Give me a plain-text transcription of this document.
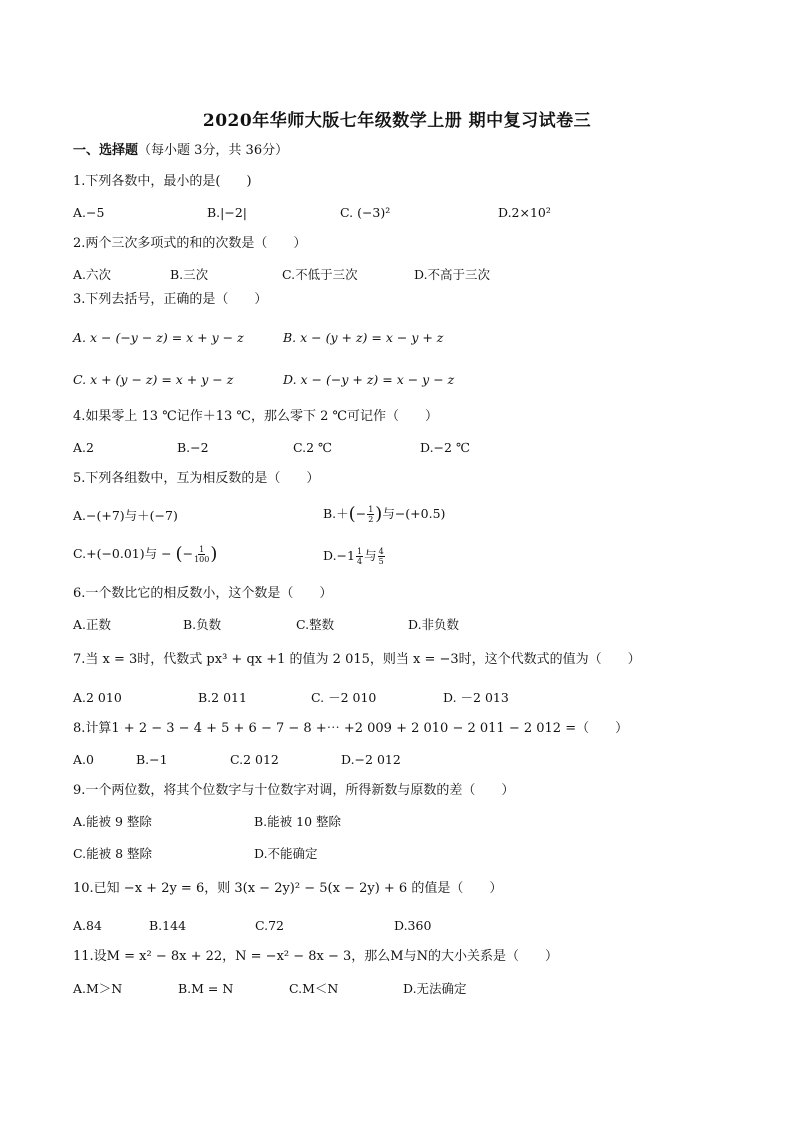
2020年华师大版七年级数学上册 期中复习试卷三
一、选择题（每小题 3分，共 36分）
1.下列各数中，最小的是(　　)
A.−5	B.|−2|	C. (−3)²	D.2×10²
2.两个三次多项式的和的次数是（　　）
A.六次	B.三次	C.不低于三次	D.不高于三次
3.下列去括号，正确的是（　　）
A. x − (−y − z) = x + y − z	B. x − (y + z) = x − y + z
C. x + (y − z) = x + y − z	D. x − (−y + z) = x − y − z
4.如果零上 13 ℃记作＋13 ℃，那么零下 2 ℃可记作（　　）
A.2	B.−2	C.2 ℃	D.−2 ℃
5.下列各组数中，互为相反数的是（　　）
A.−(+7)与＋(−7)	$B.+(- \frac{1}{2}$ )与−(+0.5)
C.+(−0.01)与 − (− $\frac{1}{100}$ )	$D.-1 \frac{1}{4}$ 与 $\frac{4}{5}$
6.一个数比它的相反数小，这个数是（　　）
A.正数	B.负数	C.整数	D.非负数
7.当 x = 3时，代数式 px³ + qx +1 的值为 2 015，则当 x = −3时，这个代数式的值为（　　）
A.2 010	B.2 011	C. －2 010	D. －2 013
8.计算1 + 2 − 3 − 4 + 5 + 6 − 7 − 8 +⋯ +2 009 + 2 010 − 2 011 − 2 012 =（　　）
A.0	B.−1	C.2 012	D.−2 012
9.一个两位数，将其个位数字与十位数字对调，所得新数与原数的差（　　）
A.能被 9 整除	B.能被 10 整除
C.能被 8 整除	D.不能确定
10.已知 −x + 2y = 6，则 3(x − 2y)² − 5(x − 2y) + 6 的值是（　　）
A.84	B.144	C.72	D.360
11.设M = x² − 8x + 22，N = −x² − 8x − 3，那么M与N的大小关系是（　　）
A.M＞N	B.M = N	C.M＜N	D.无法确定
